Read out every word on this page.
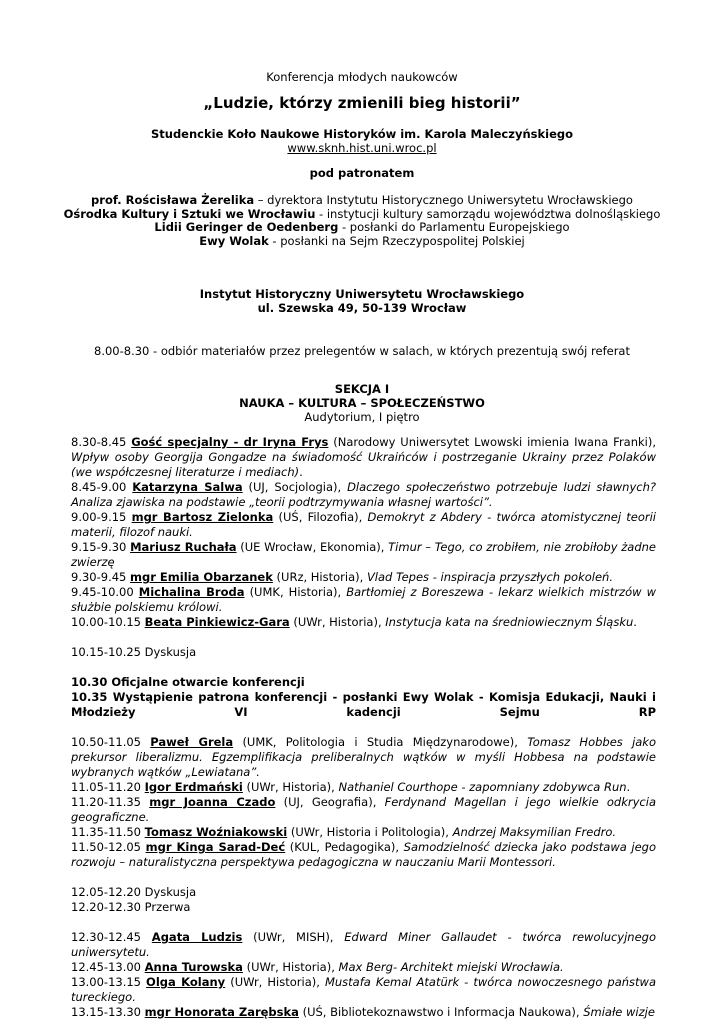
Konferencja młodych naukowców
„Ludzie, którzy zmienili bieg historii”
Studenckie Koło Naukowe Historyków im. Karola Maleczyńskiego
www.sknh.hist.uni.wroc.pl
pod patronatem
prof. Rościsława Żerelika – dyrektora Instytutu Historycznego Uniwersytetu Wrocławskiego
Ośrodka Kultury i Sztuki we Wrocławiu - instytucji kultury samorządu województwa dolnośląskiego
Lidii Geringer de Oedenberg - posłanki do Parlamentu Europejskiego
Ewy Wolak - posłanki na Sejm Rzeczypospolitej Polskiej
Instytut Historyczny Uniwersytetu Wrocławskiego
ul. Szewska 49, 50-139 Wrocław
8.00-8.30 - odbiór materiałów przez prelegentów w salach, w których prezentują swój referat
SEKCJA I
NAUKA – KULTURA – SPOŁECZEŃSTWO
Audytorium, I piętro

8.30-8.45 Gość specjalny - dr Iryna Frys (Narodowy Uniwersytet Lwowski imienia Iwana Franki), Wpływ osoby Georgija Gongadze na świadomość Ukraińców i postrzeganie Ukrainy przez Polaków (we współczesnej literaturze i mediach).

8.45-9.00 Katarzyna Salwa (UJ, Socjologia), Dlaczego społeczeństwo potrzebuje ludzi sławnych? Analiza zjawiska na podstawie „teorii podtrzymywania własnej wartości”.

9.00-9.15 mgr Bartosz Zielonka (UŚ, Filozofia), Demokryt z Abdery - twórca atomistycznej teorii materii, filozof nauki.

9.15-9.30 Mariusz Ruchała (UE Wrocław, Ekonomia), Timur – Tego, co zrobiłem, nie zrobiłoby żadne zwierzę

9.30-9.45 mgr Emilia Obarzanek (URz, Historia), Vlad Tepes - inspiracja przyszłych pokoleń.

9.45-10.00 Michalina Broda (UMK, Historia), Bartłomiej z Boreszewa - lekarz wielkich mistrzów w służbie polskiemu królowi.

10.00-10.15 Beata Pinkiewicz-Gara (UWr, Historia), Instytucja kata na średniowiecznym Śląsku.

10.15-10.25 Dyskusja

10.30 Oficjalne otwarcie konferencji

10.35 Wystąpienie patrona konferencji - posłanki Ewy Wolak - Komisja Edukacji, Nauki i Młodzieży VI kadencji Sejmu RP

10.50-11.05 Paweł Grela (UMK, Politologia i Studia Międzynarodowe), Tomasz Hobbes jako prekursor liberalizmu. Egzemplifikacja preliberalnych wątków w myśli Hobbesa na podstawie wybranych wątków „Lewiatana”.

11.05-11.20 Igor Erdmański (UWr, Historia), Nathaniel Courthope - zapomniany zdobywca Run.

11.20-11.35 mgr Joanna Czado (UJ, Geografia), Ferdynand Magellan i jego wielkie odkrycia geograficzne.

11.35-11.50 Tomasz Woźniakowski (UWr, Historia i Politologia), Andrzej Maksymilian Fredro.

11.50-12.05 mgr Kinga Sarad-Deć (KUL, Pedagogika), Samodzielność dziecka jako podstawa jego rozwoju – naturalistyczna perspektywa pedagogiczna w nauczaniu Marii Montessori.

12.05-12.20 Dyskusja

12.20-12.30 Przerwa

12.30-12.45 Agata Ludzis (UWr, MISH), Edward Miner Gallaudet - twórca rewolucyjnego uniwersytetu.

12.45-13.00 Anna Turowska (UWr, Historia), Max Berg- Architekt miejski Wrocławia.

13.00-13.15 Olga Kolany (UWr, Historia), Mustafa Kemal Atatürk - twórca nowoczesnego państwa tureckiego.

13.15-13.30 mgr Honorata Zarębska (UŚ, Bibliotekoznawstwo i Informacja Naukowa), Śmiałe wizje
